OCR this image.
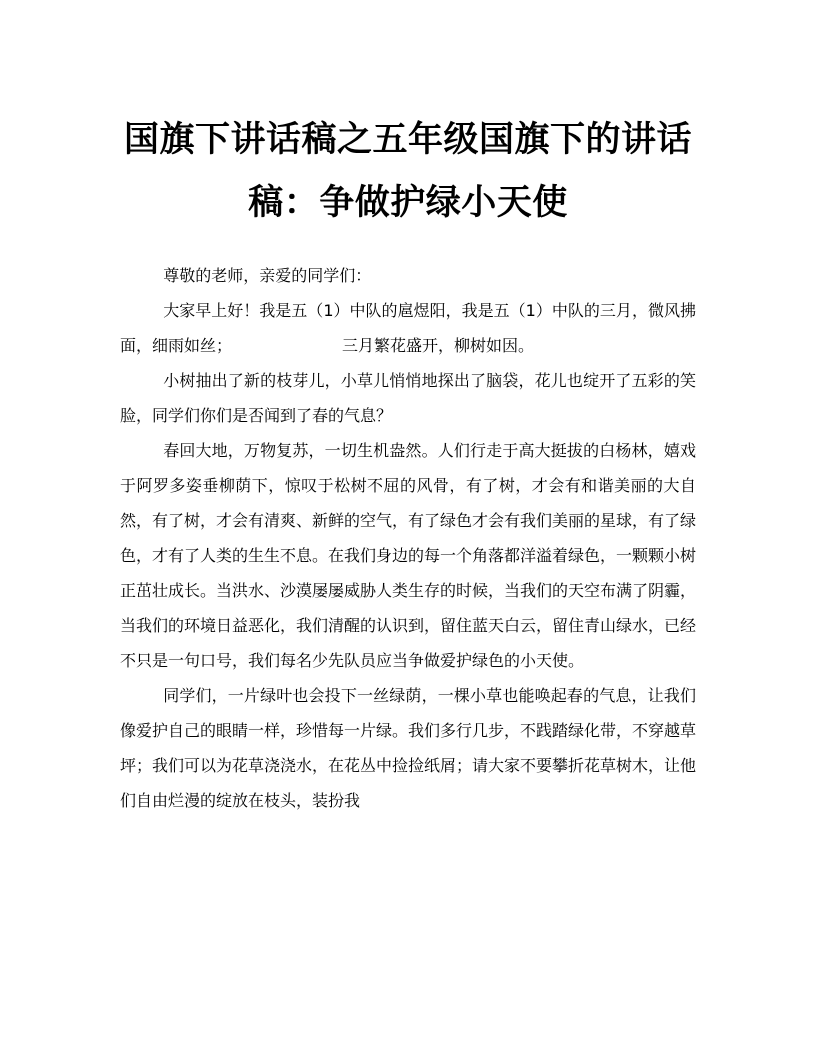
国旗下讲话稿之五年级国旗下的讲话稿：争做护绿小天使

尊敬的老师，亲爱的同学们：

大家早上好！我是五（1）中队的扈煜阳，我是五（1）中队的三月，微风拂面，细雨如丝；	三月繁花盛开，柳树如因。

小树抽出了新的枝芽儿，小草儿悄悄地探出了脑袋，花儿也绽开了五彩的笑脸，同学们你们是否闻到了春的气息？

春回大地，万物复苏，一切生机盎然。人们行走于高大挺拔的白杨林，嬉戏于阿罗多姿垂柳荫下，惊叹于松树不屈的风骨，有了树，才会有和谐美丽的大自然，有了树，才会有清爽、新鲜的空气，有了绿色才会有我们美丽的星球，有了绿色，才有了人类的生生不息。在我们身边的每一个角落都洋溢着绿色，一颗颗小树正茁壮成长。当洪水、沙漠屡屡威胁人类生存的时候，当我们的天空布满了阴霾，当我们的环境日益恶化，我们清醒的认识到，留住蓝天白云，留住青山绿水，已经不只是一句口号，我们每名少先队员应当争做爱护绿色的小天使。

同学们，一片绿叶也会投下一丝绿荫，一棵小草也能唤起春的气息，让我们像爱护自己的眼睛一样，珍惜每一片绿。我们多行几步，不践踏绿化带，不穿越草坪；我们可以为花草浇浇水，在花丛中捡捡纸屑；请大家不要攀折花草树木，让他们自由烂漫的绽放在枝头，装扮我
